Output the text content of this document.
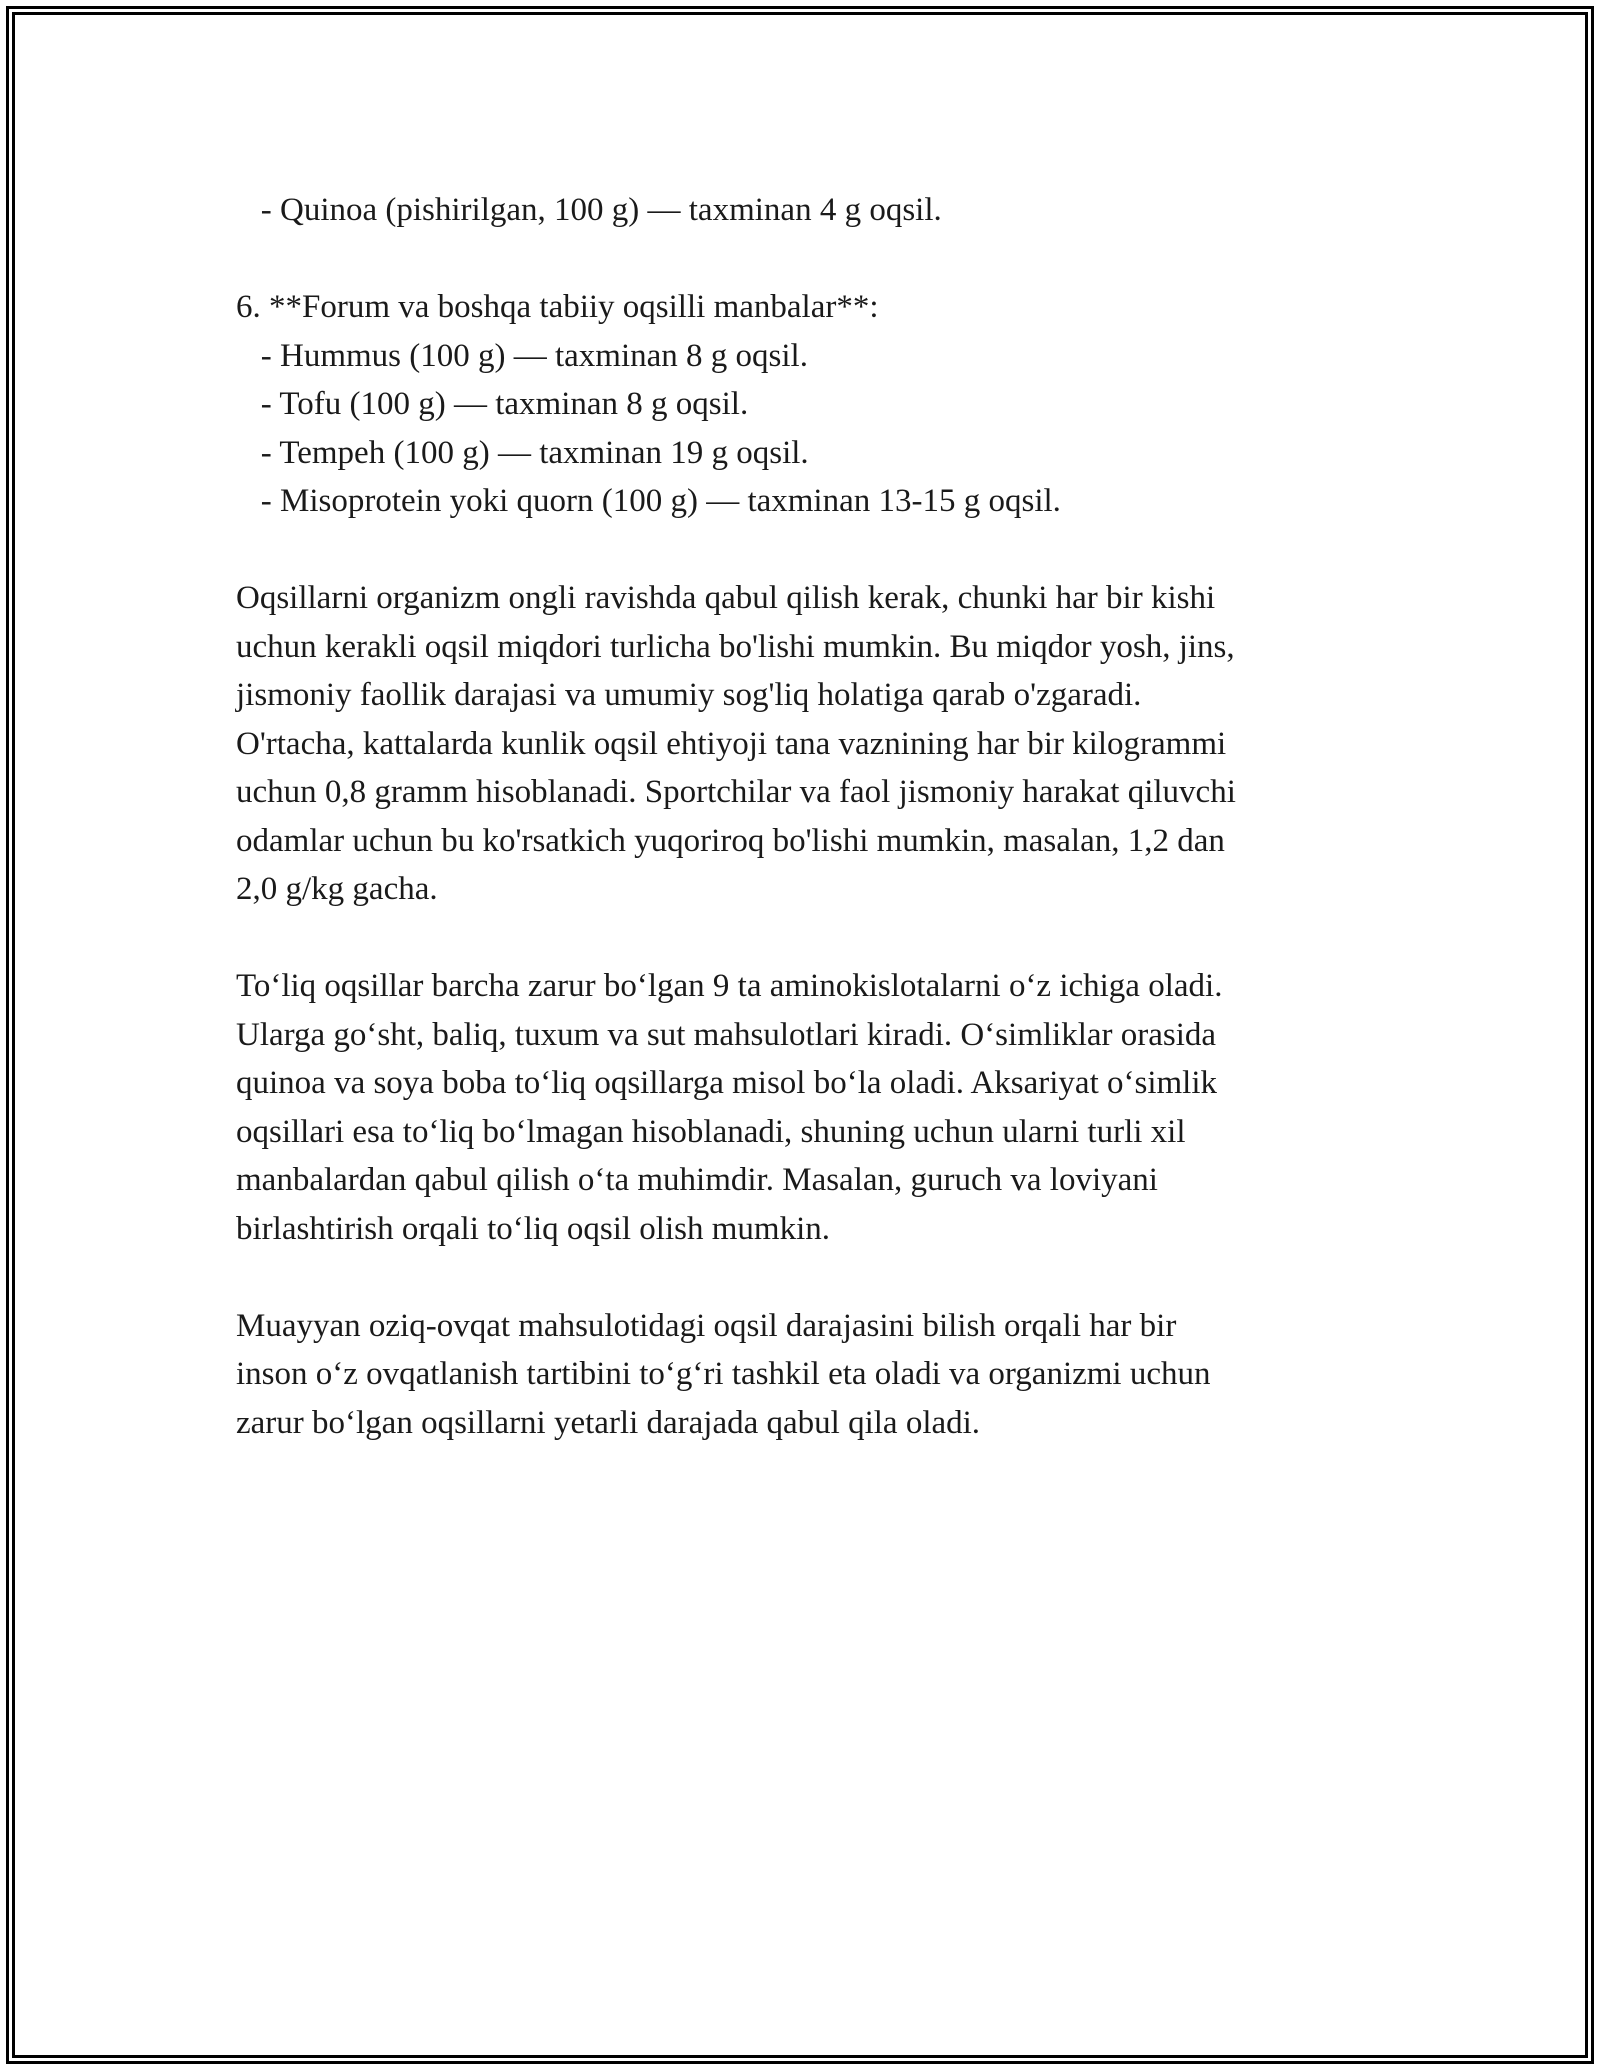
- Quinoa (pishirilgan, 100 g) — taxminan 4 g oqsil.

6. **Forum va boshqa tabiiy oqsilli manbalar**:

- Hummus (100 g) — taxminan 8 g oqsil.

- Tofu (100 g) — taxminan 8 g oqsil.

- Tempeh (100 g) — taxminan 19 g oqsil.

- Misoprotein yoki quorn (100 g) — taxminan 13-15 g oqsil.

Oqsillarni organizm ongli ravishda qabul qilish kerak, chunki har bir kishi

uchun kerakli oqsil miqdori turlicha bo'lishi mumkin. Bu miqdor yosh, jins,

jismoniy faollik darajasi va umumiy sog'liq holatiga qarab o'zgaradi.

O'rtacha, kattalarda kunlik oqsil ehtiyoji tana vaznining har bir kilogrammi

uchun 0,8 gramm hisoblanadi. Sportchilar va faol jismoniy harakat qiluvchi

odamlar uchun bu ko'rsatkich yuqoriroq bo'lishi mumkin, masalan, 1,2 dan

2,0 g/kg gacha.

To‘liq oqsillar barcha zarur bo‘lgan 9 ta aminokislotalarni o‘z ichiga oladi.

Ularga go‘sht, baliq, tuxum va sut mahsulotlari kiradi. O‘simliklar orasida

quinoa va soya boba to‘liq oqsillarga misol bo‘la oladi. Aksariyat o‘simlik

oqsillari esa to‘liq bo‘lmagan hisoblanadi, shuning uchun ularni turli xil

manbalardan qabul qilish o‘ta muhimdir. Masalan, guruch va loviyani

birlashtirish orqali to‘liq oqsil olish mumkin.

Muayyan oziq-ovqat mahsulotidagi oqsil darajasini bilish orqali har bir

inson o‘z ovqatlanish tartibini to‘g‘ri tashkil eta oladi va organizmi uchun

zarur bo‘lgan oqsillarni yetarli darajada qabul qila oladi.
